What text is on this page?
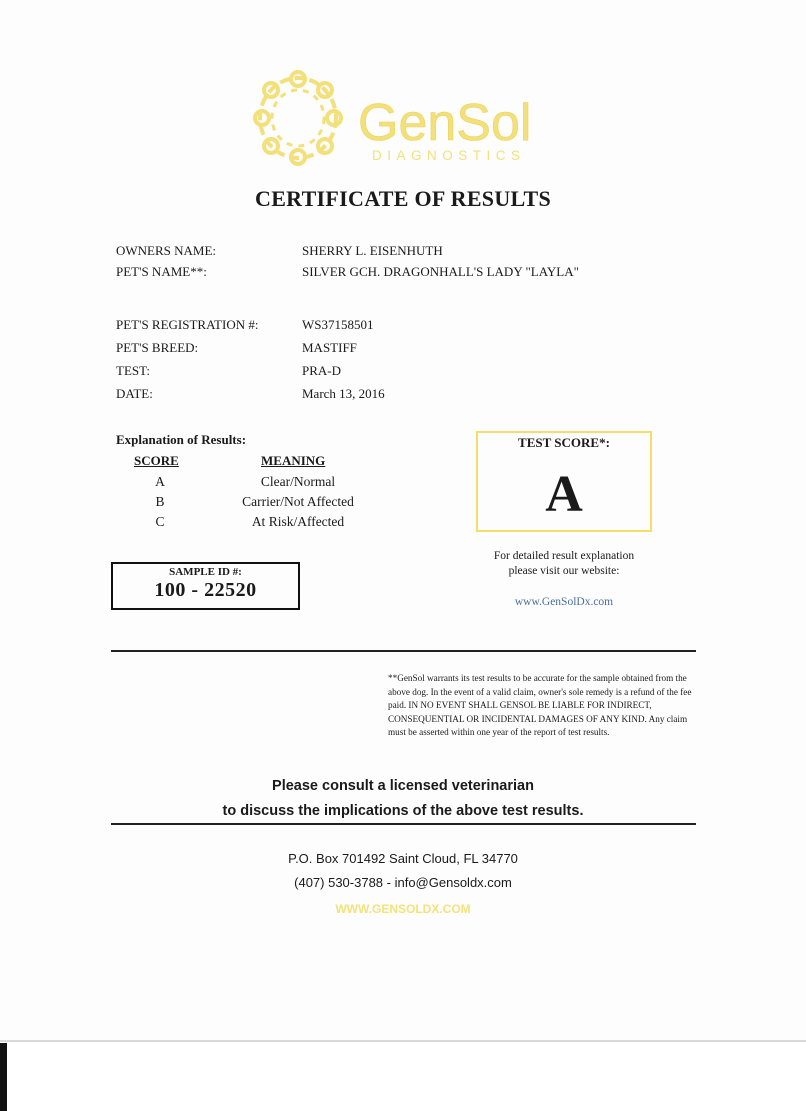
GenSol
DIAGNOSTICS
CERTIFICATE OF RESULTS
OWNERS NAME:	SHERRY L. EISENHUTH
PET'S NAME**:	SILVER GCH. DRAGONHALL'S LADY "LAYLA"
PET'S REGISTRATION #:	WS37158501
PET'S BREED:	MASTIFF
TEST:	PRA-D
DATE:	March 13, 2016
Explanation of Results:
SCORE	MEANING
A	Clear/Normal
B	Carrier/Not Affected
C	At Risk/Affected
TEST SCORE*:
A
For detailed result explanation
please visit our website:
www.GenSolDx.com
SAMPLE ID #:
100 - 22520
**GenSol warrants its test results to be accurate for the sample obtained from the above dog. In the event of a valid claim, owner's sole remedy is a refund of the fee paid. IN NO EVENT SHALL GENSOL BE LIABLE FOR INDIRECT, CONSEQUENTIAL OR INCIDENTAL DAMAGES OF ANY KIND. Any claim must be asserted within one year of the report of test results.
Please consult a licensed veterinarian
to discuss the implications of the above test results.
P.O. Box 701492 Saint Cloud, FL 34770
(407) 530-3788 - info@Gensoldx.com
WWW.GENSOLDX.COM
